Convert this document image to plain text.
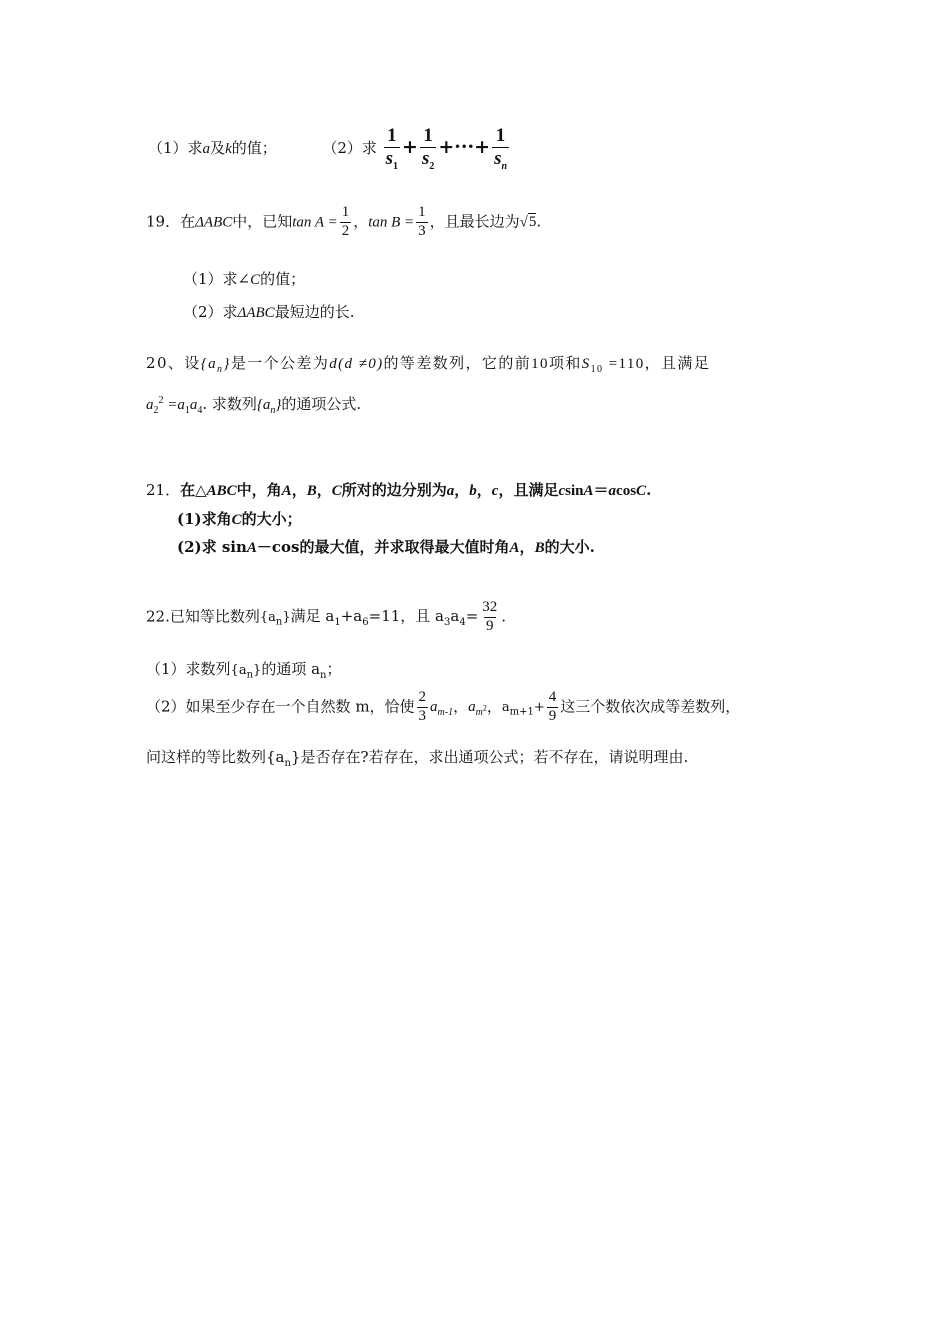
（1）求a及k的值；	（2）求 $\frac{1}{s_1} + \frac{1}{s_2}$ +···+ $\frac{1}{s_n}$
19．在ΔABC中，已知$\tan A = \frac{1}{2}$ ，$\tan B = \frac{1}{3}$ ，且最长边为√5.
（1）求∠C的值；
（2）求ΔABC最短边的长.
20、设$\{a_n\}$是一个公差为d(d ≠0)的等差数列，它的前10项和$S_{10} =110$，且满足
$a_2^2 =a_1a_4$. 求数列$\{a_n\}$的通项公式.
21．在△ABC中，角A，B，C所对的边分别为a，b，c，且满足csinA＝acosC.
(1)求角C的大小；
(2)求 sinA－cos的最大值，并求取得最大值时角A，B的大小.
22.已知等比数列$\{a_n\}$满足 $a_1+a_6=11$，且 $a_3a_4= \frac{32}{9}$ .
（1）求数列$\{a_n\}$的通项 $a_n$；
（2）如果至少存在一个自然数 m，恰使 $\frac{2}{3} a_{m-1}$，$a_{m^2}$，$a_{m+1}+ \frac{4}{9}$ 这三个数依次成等差数列，
问这样的等比数列$\{a_n\}$是否存在?若存在，求出通项公式；若不存在，请说明理由.
